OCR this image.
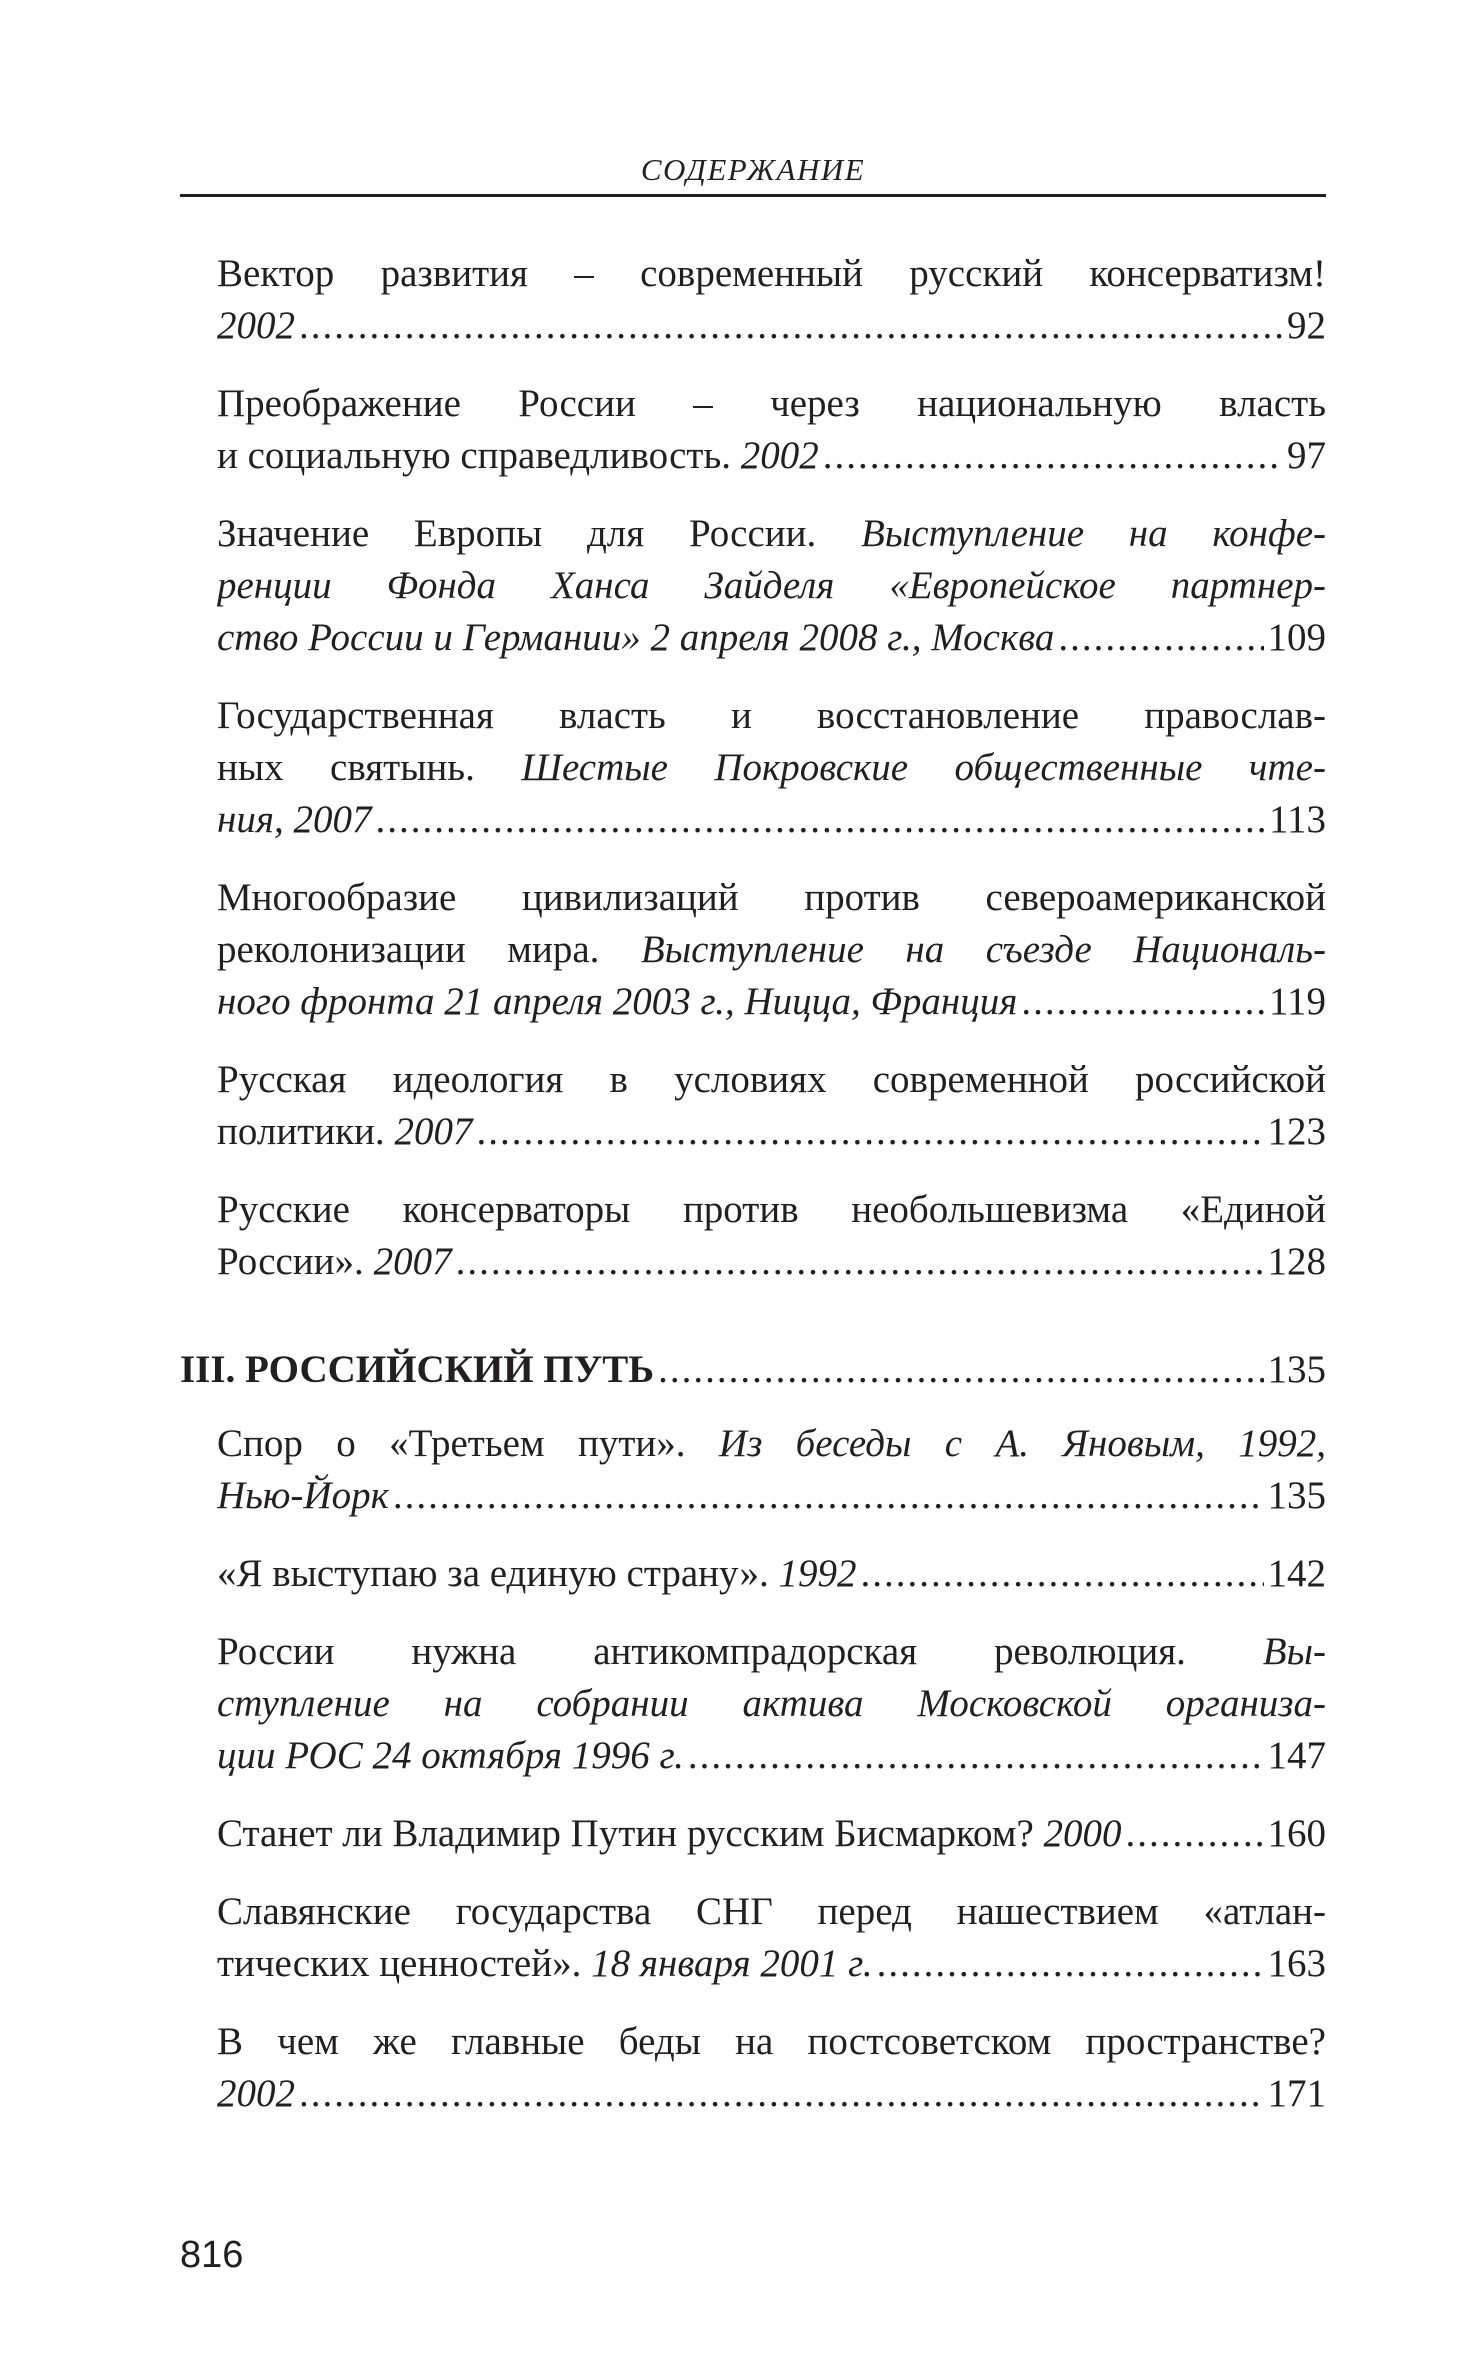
СОДЕРЖАНИЕ
Вектор развития – современный русский консерватизм!
2002 .....	92
Преображение России – через национальную власть
и социальную справедливость. 2002 .....	97
Значение Европы для России. Выступление на конфе-
ренции Фонда Ханса Зайделя «Европейское партнер-
ство России и Германии» 2 апреля 2008 г., Москва .....	109
Государственная власть и восстановление православ-
ных святынь. Шестые Покровские общественные чте-
ния, 2007 .....	113
Многообразие цивилизаций против североамериканской
реколонизации мира. Выступление на съезде Националь-
ного фронта 21 апреля 2003 г., Ницца, Франция .....	119
Русская идеология в условиях современной российской
политики. 2007 .....	123
Русские консерваторы против необольшевизма «Единой
России». 2007 .....	128
III. РОССИЙСКИЙ ПУТЬ .....	135
Спор о «Третьем пути». Из беседы с А. Яновым, 1992,
Нью-Йорк .....	135
«Я выступаю за единую страну». 1992 .....	142
России нужна антикомпрадорская революция. Вы-
ступление на собрании актива Московской организа-
ции РОС 24 октября 1996 г. .....	147
Станет ли Владимир Путин русским Бисмарком? 2000 .....	160
Славянские государства СНГ перед нашествием «атлан-
тических ценностей». 18 января 2001 г. .....	163
В чем же главные беды на постсоветском пространстве?
2002 .....	171
816
